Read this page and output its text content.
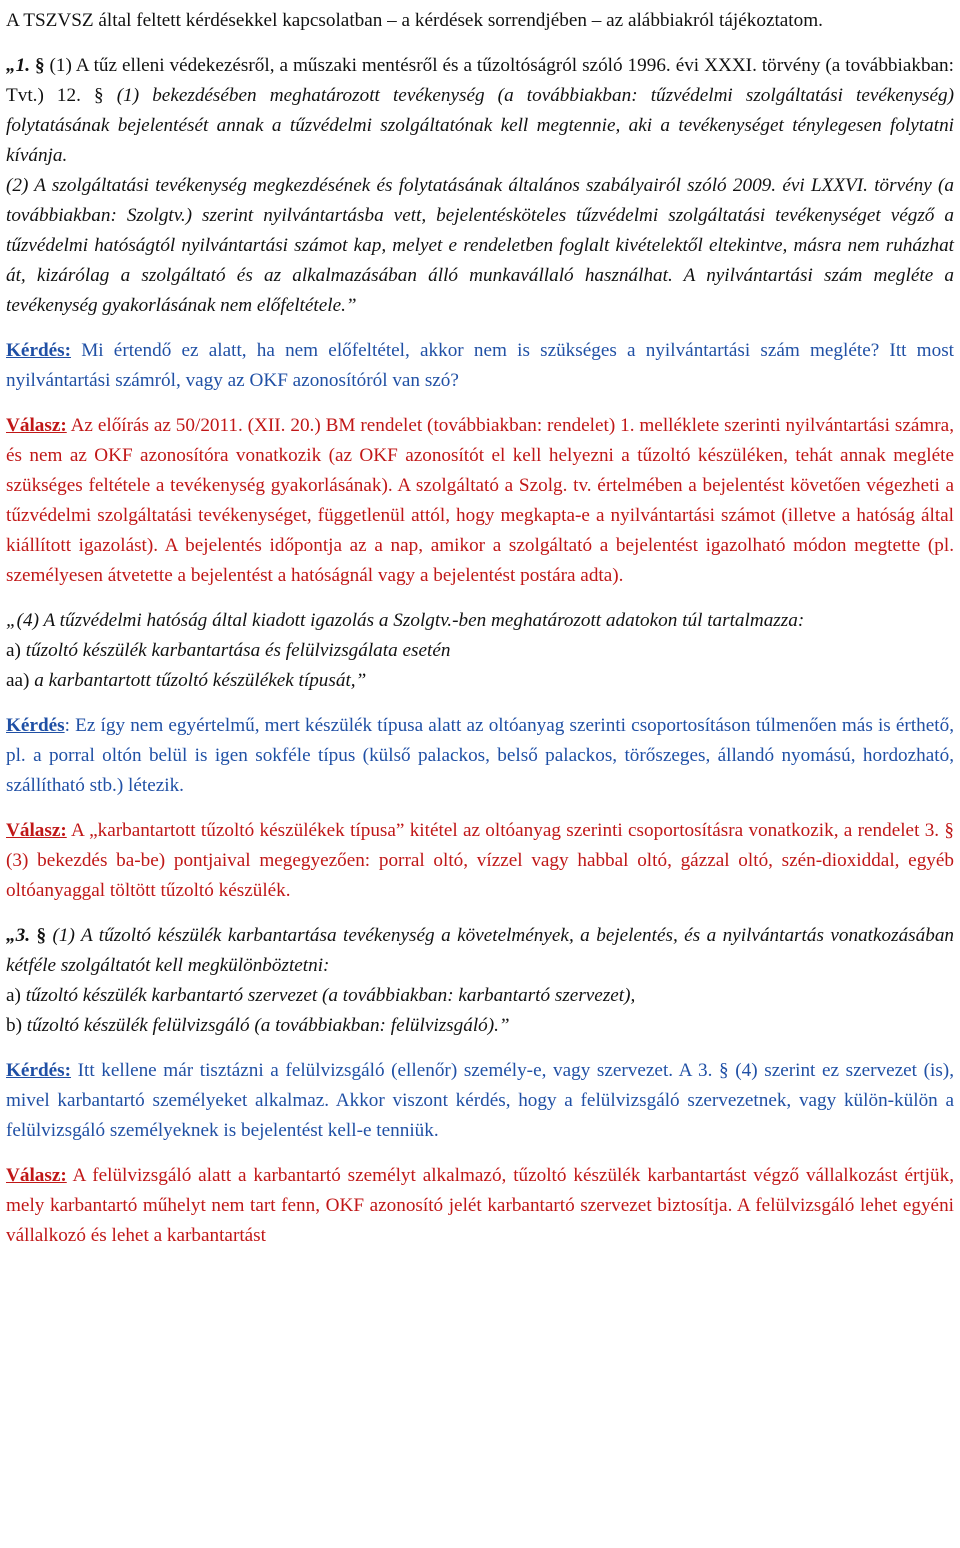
A TSZVSZ által feltett kérdésekkel kapcsolatban – a kérdések sorrendjében – az alábbiakról tájékoztatom.

„1. § (1) A tűz elleni védekezésről, a műszaki mentésről és a tűzoltóságról szóló 1996. évi XXXI. törvény (a továbbiakban: Tvt.) 12. § (1) bekezdésében meghatározott tevékenység (a továbbiakban: tűzvédelmi szolgáltatási tevékenység) folytatásának bejelentését annak a tűzvédelmi szolgáltatónak kell megtennie, aki a tevékenységet ténylegesen folytatni kívánja.

(2) A szolgáltatási tevékenység megkezdésének és folytatásának általános szabályairól szóló 2009. évi LXXVI. törvény (a továbbiakban: Szolgtv.) szerint nyilvántartásba vett, bejelentésköteles tűzvédelmi szolgáltatási tevékenységet végző a tűzvédelmi hatóságtól nyilvántartási számot kap, melyet e rendeletben foglalt kivételektől eltekintve, másra nem ruházhat át, kizárólag a szolgáltató és az alkalmazásában álló munkavállaló használhat. A nyilvántartási szám megléte a tevékenység gyakorlásának nem előfeltétele.”

Kérdés: Mi értendő ez alatt, ha nem előfeltétel, akkor nem is szükséges a nyilvántartási szám megléte? Itt most nyilvántartási számról, vagy az OKF azonosítóról van szó?

Válasz: Az előírás az 50/2011. (XII. 20.) BM rendelet (továbbiakban: rendelet) 1. melléklete szerinti nyilvántartási számra, és nem az OKF azonosítóra vonatkozik (az OKF azonosítót el kell helyezni a tűzoltó készüléken, tehát annak megléte szükséges feltétele a tevékenység gyakorlásának). A szolgáltató a Szolg. tv. értelmében a bejelentést követően végezheti a tűzvédelmi szolgáltatási tevékenységet, függetlenül attól, hogy megkapta-e a nyilvántartási számot (illetve a hatóság által kiállított igazolást). A bejelentés időpontja az a nap, amikor a szolgáltató a bejelentést igazolható módon megtette (pl. személyesen átvetette a bejelentést a hatóságnál vagy a bejelentést postára adta).

„(4) A tűzvédelmi hatóság által kiadott igazolás a Szolgtv.-ben meghatározott adatokon túl tartalmazza:

a) tűzoltó készülék karbantartása és felülvizsgálata esetén

aa) a karbantartott tűzoltó készülékek típusát,”

Kérdés: Ez így nem egyértelmű, mert készülék típusa alatt az oltóanyag szerinti csoportosításon túlmenően más is érthető, pl. a porral oltón belül is igen sokféle típus (külső palackos, belső palackos, törőszeges, állandó nyomású, hordozható, szállítható stb.) létezik.

Válasz: A „karbantartott tűzoltó készülékek típusa” kitétel az oltóanyag szerinti csoportosításra vonatkozik, a rendelet 3. § (3) bekezdés ba-be) pontjaival megegyezően: porral oltó, vízzel vagy habbal oltó, gázzal oltó, szén-dioxiddal, egyéb oltóanyaggal töltött tűzoltó készülék.

„3. § (1) A tűzoltó készülék karbantartása tevékenység a követelmények, a bejelentés, és a nyilvántartás vonatkozásában kétféle szolgáltatót kell megkülönböztetni:

a) tűzoltó készülék karbantartó szervezet (a továbbiakban: karbantartó szervezet),

b) tűzoltó készülék felülvizsgáló (a továbbiakban: felülvizsgáló).”

Kérdés: Itt kellene már tisztázni a felülvizsgáló (ellenőr) személy-e, vagy szervezet. A 3. § (4) szerint ez szervezet (is), mivel karbantartó személyeket alkalmaz. Akkor viszont kérdés, hogy a felülvizsgáló szervezetnek, vagy külön-külön a felülvizsgáló személyeknek is bejelentést kell-e tenniük.

Válasz: A felülvizsgáló alatt a karbantartó személyt alkalmazó, tűzoltó készülék karbantartást végző vállalkozást értjük, mely karbantartó műhelyt nem tart fenn, OKF azonosító jelét karbantartó szervezet biztosítja. A felülvizsgáló lehet egyéni vállalkozó és lehet a karbantartást
